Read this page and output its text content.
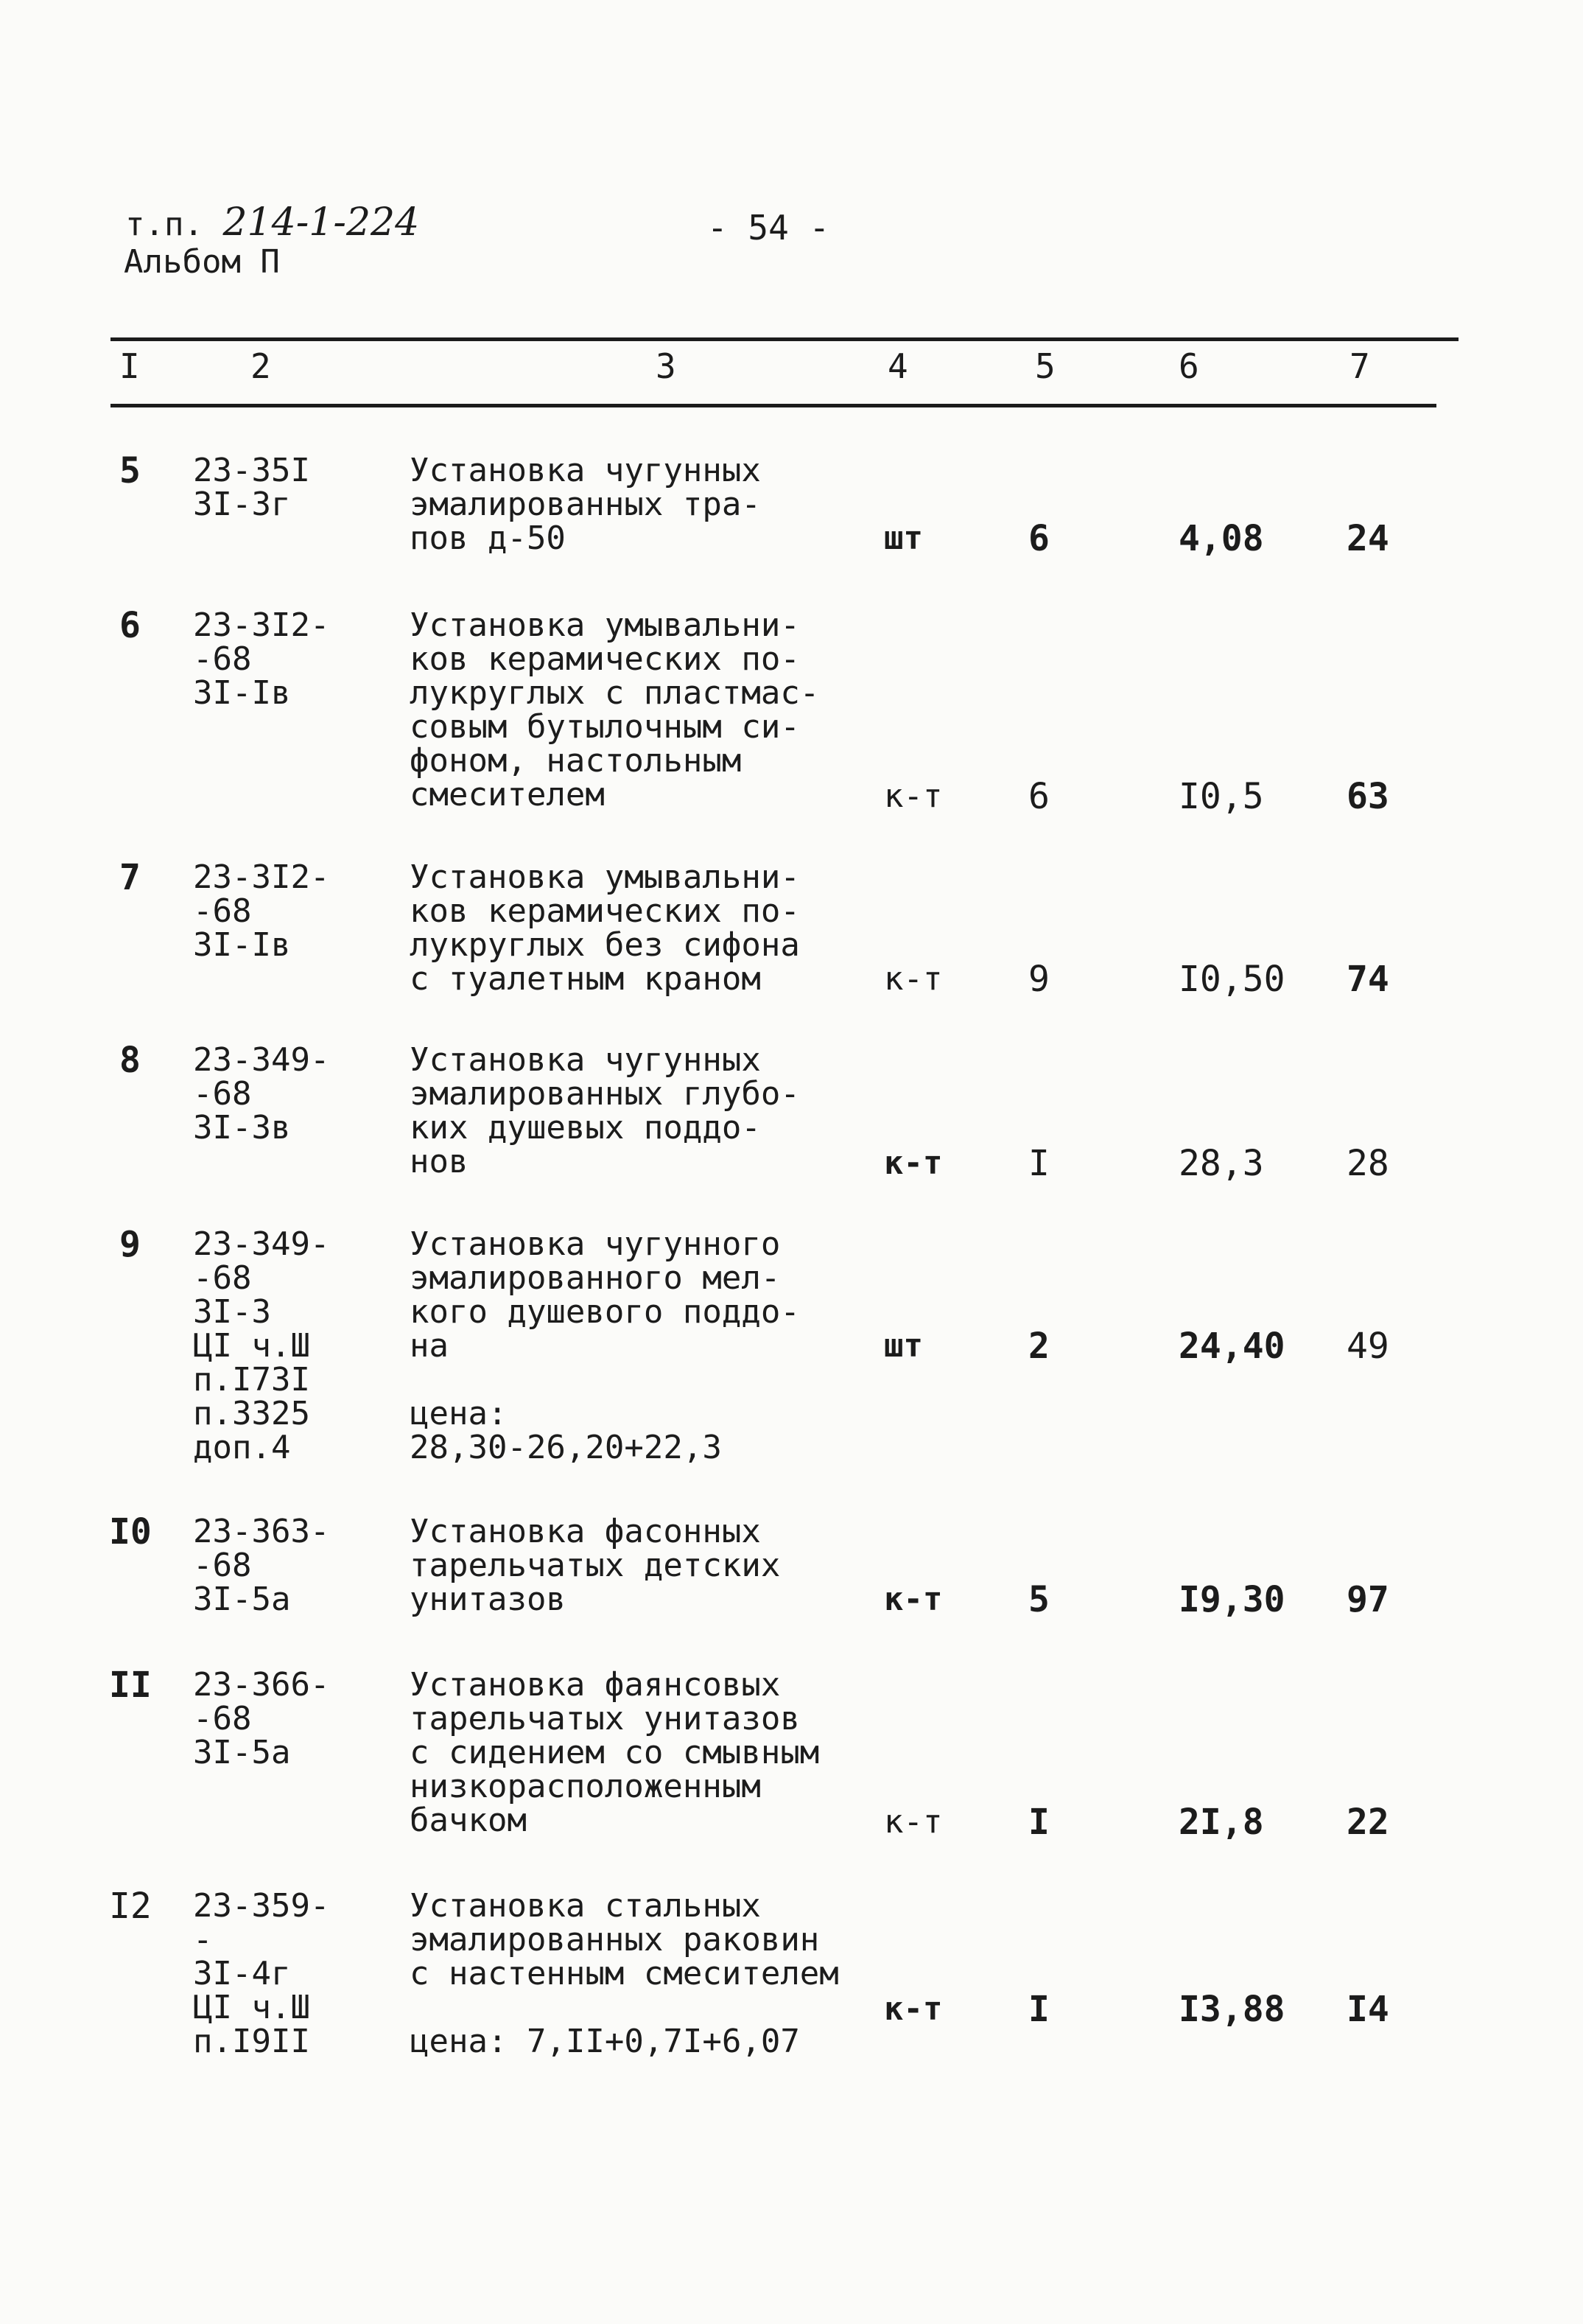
т.п. 214-1-224
Альбом П
- 54 -
I	2	3	4	5	6	7
5 23-35I
3I-3г
Установка чугунных
эмалированных тра-
пов д-50	шт	6	4,08 24
6 23-3I2-
-68
3I-Iв
Установка умывальни-
ков керамических по-
лукруглых с пластмас-
совым бутылочным си-
фоном, настольным
смесителем	к-т 6	I0,5 63
7 23-3I2-
-68
3I-Iв
Установка умывальни-
ков керамических по-
лукруглых без сифона
с туалетным краном	к-т 9	I0,50 74
8 23-349-
-68
3I-3в
Установка чугунных
эмалированных глубо-
ких душевых поддо-
нов	к-т I	28,3 28
9 23-349-
-68
3I-3
ЦI ч.Ш
п.I73I
п.3325
доп.4
Установка чугунного
эмалированного мел-
кого душевого поддо-
на

цена:
28,30-26,20+22,3
шт	2	24,40 49
I0 23-363-
-68
3I-5а
Установка фасонных
тарельчатых детских
унитазов	к-т 5	I9,30 97
II 23-366-
-68
3I-5а
Установка фаянсовых
тарельчатых унитазов
с сидением со смывным
низкорасположенным
бачком	к-т I	2I,8 22
I2 23-359-
-
3I-4г
ЦI ч.Ш
п.I9II
Установка стальных
эмалированных раковин
с настенным смесителем

цена: 7,II+0,7I+6,07
к-т I	I3,88 I4
